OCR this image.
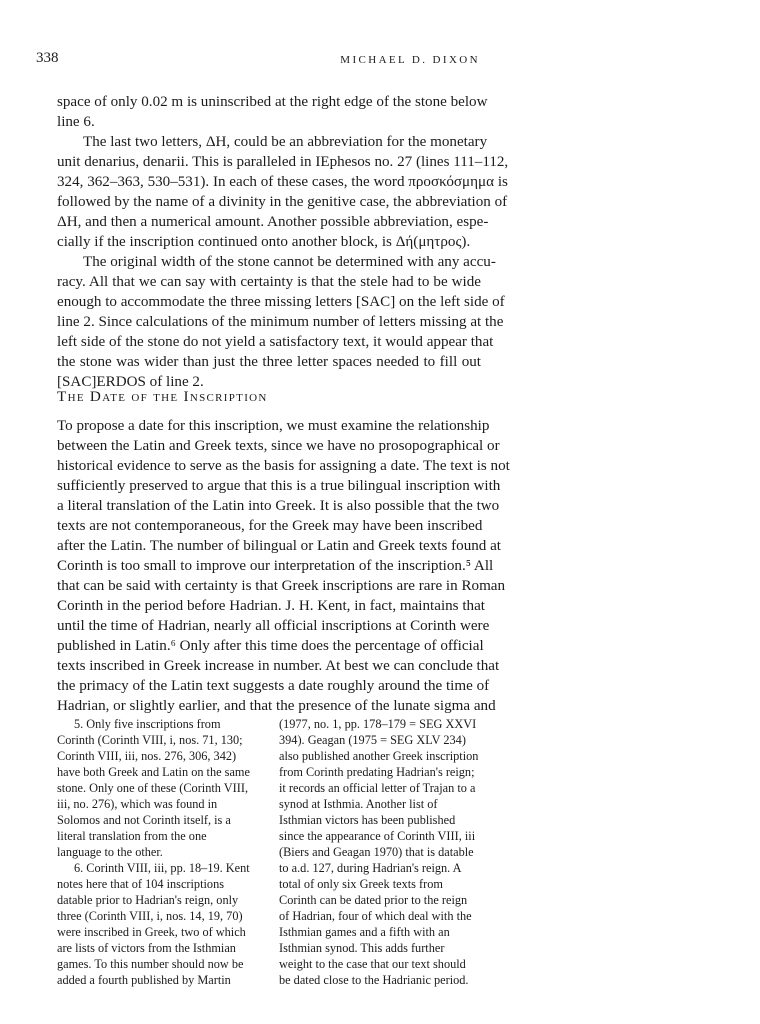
338	MICHAEL D. DIXON
space of only 0.02 m is uninscribed at the right edge of the stone below
line 6.
The last two letters, ΔΗ, could be an abbreviation for the monetary
unit denarius, denarii. This is paralleled in IEphesos no. 27 (lines 111–112,
324, 362–363, 530–531). In each of these cases, the word προσκόσμημα is
followed by the name of a divinity in the genitive case, the abbreviation of
ΔΗ, and then a numerical amount. Another possible abbreviation, espe-
cially if the inscription continued onto another block, is Δή(μητρος).
The original width of the stone cannot be determined with any accu-
racy. All that we can say with certainty is that the stele had to be wide
enough to accommodate the three missing letters [SAC] on the left side of
line 2. Since calculations of the minimum number of letters missing at the
left side of the stone do not yield a satisfactory text, it would appear that
the stone was wider than just the three letter spaces needed to fill out
[SAC]ERDOS of line 2.
The Date of the Inscription
To propose a date for this inscription, we must examine the relationship
between the Latin and Greek texts, since we have no prosopographical or
historical evidence to serve as the basis for assigning a date. The text is not
sufficiently preserved to argue that this is a true bilingual inscription with
a literal translation of the Latin into Greek. It is also possible that the two
texts are not contemporaneous, for the Greek may have been inscribed
after the Latin. The number of bilingual or Latin and Greek texts found at
Corinth is too small to improve our interpretation of the inscription.⁵ All
that can be said with certainty is that Greek inscriptions are rare in Roman
Corinth in the period before Hadrian. J. H. Kent, in fact, maintains that
until the time of Hadrian, nearly all official inscriptions at Corinth were
published in Latin.⁶ Only after this time does the percentage of official
texts inscribed in Greek increase in number. At best we can conclude that
the primacy of the Latin text suggests a date roughly around the time of
Hadrian, or slightly earlier, and that the presence of the lunate sigma and
5. Only five inscriptions from
Corinth (Corinth VIII, i, nos. 71, 130;
Corinth VIII, iii, nos. 276, 306, 342)
have both Greek and Latin on the same
stone. Only one of these (Corinth VIII,
iii, no. 276), which was found in
Solomos and not Corinth itself, is a
literal translation from the one
language to the other.
6. Corinth VIII, iii, pp. 18–19. Kent
notes here that of 104 inscriptions
datable prior to Hadrian's reign, only
three (Corinth VIII, i, nos. 14, 19, 70)
were inscribed in Greek, two of which
are lists of victors from the Isthmian
games. To this number should now be
added a fourth published by Martin
(1977, no. 1, pp. 178–179 = SEG XXVI
394). Geagan (1975 = SEG XLV 234)
also published another Greek inscription
from Corinth predating Hadrian's reign;
it records an official letter of Trajan to a
synod at Isthmia. Another list of
Isthmian victors has been published
since the appearance of Corinth VIII, iii
(Biers and Geagan 1970) that is datable
to a.d. 127, during Hadrian's reign. A
total of only six Greek texts from
Corinth can be dated prior to the reign
of Hadrian, four of which deal with the
Isthmian games and a fifth with an
Isthmian synod. This adds further
weight to the case that our text should
be dated close to the Hadrianic period.
